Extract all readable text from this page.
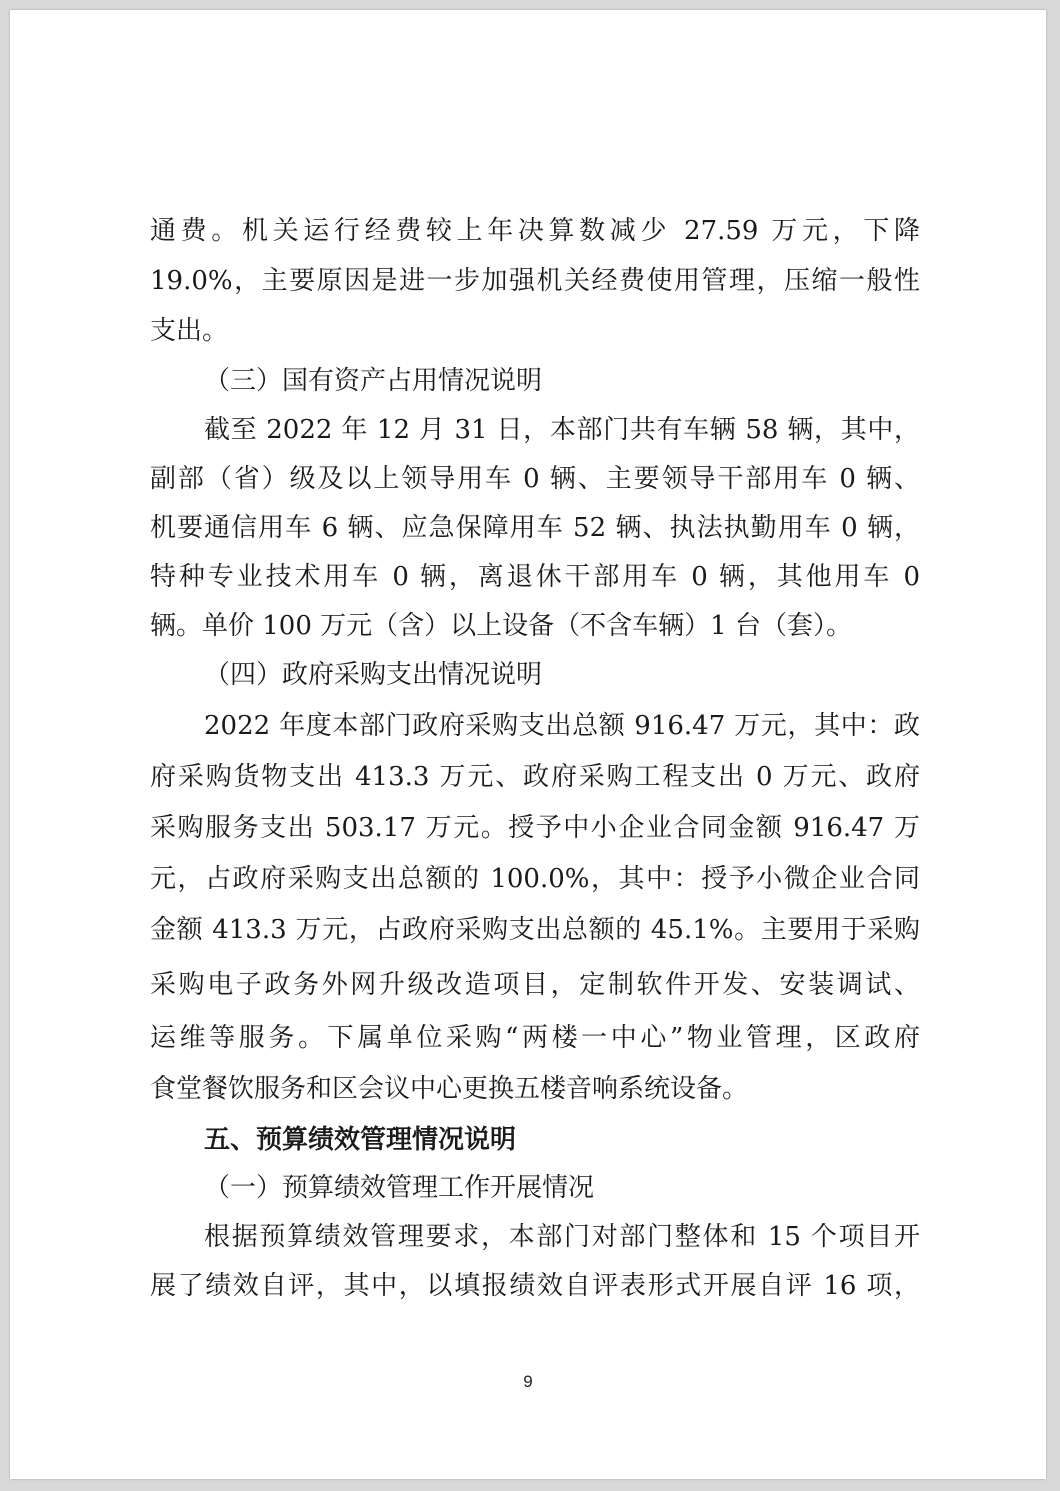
通费。机关运行经费较上年决算数减少 27.59 万元，下降
19.0%，主要原因是进一步加强机关经费使用管理，压缩一般性
支出。
（三）国有资产占用情况说明
截至 2022 年 12 月 31 日，本部门共有车辆 58 辆，其中，
副部（省）级及以上领导用车 0 辆、主要领导干部用车 0 辆、
机要通信用车 6 辆、应急保障用车 52 辆、执法执勤用车 0 辆，
特种专业技术用车 0 辆，离退休干部用车 0 辆，其他用车 0
辆。单价 100 万元（含）以上设备（不含车辆）1 台（套）。
（四）政府采购支出情况说明
2022 年度本部门政府采购支出总额 916.47 万元，其中：政
府采购货物支出 413.3 万元、政府采购工程支出 0 万元、政府
采购服务支出 503.17 万元。授予中小企业合同金额 916.47 万
元，占政府采购支出总额的 100.0%，其中：授予小微企业合同
金额 413.3 万元，占政府采购支出总额的 45.1%。主要用于采购
采购电子政务外网升级改造项目，定制软件开发、安装调试、
运维等服务。下属单位采购“两楼一中心”物业管理，区政府
食堂餐饮服务和区会议中心更换五楼音响系统设备。
五、预算绩效管理情况说明
（一）预算绩效管理工作开展情况
根据预算绩效管理要求，本部门对部门整体和 15 个项目开
展了绩效自评，其中，以填报绩效自评表形式开展自评 16 项，
9
